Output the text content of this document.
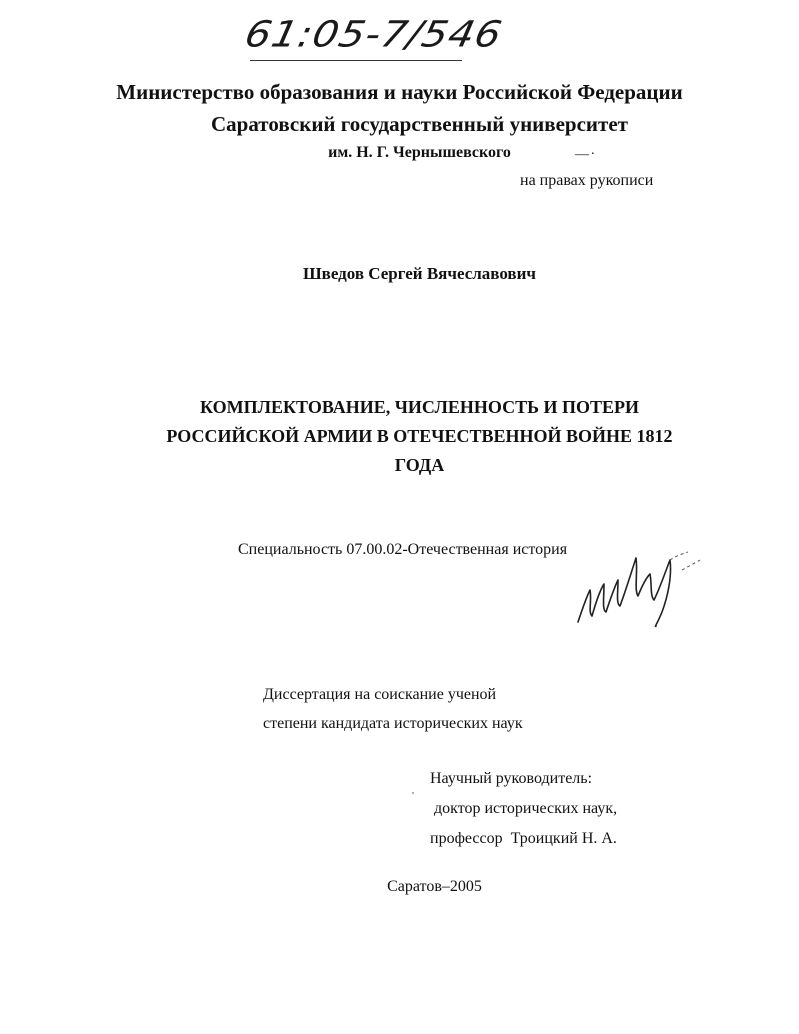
61:05-7/546
Министерство образования и науки Российской Федерации
Саратовский государственный университет
им. Н. Г. Чернышевского	— ·
на правах рукописи
Шведов Сергей Вячеславович
КОМПЛЕКТОВАНИЕ, ЧИСЛЕННОСТЬ И ПОТЕРИ
РОССИЙСКОЙ АРМИИ В ОТЕЧЕСТВЕННОЙ ВОЙНЕ 1812
ГОДА
Специальность 07.00.02-Отечественная история
Диссертация на соискание ученой
степени кандидата исторических наук
Научный руководитель:
доктор исторических наук,
профессор  Троицкий Н. А.
Саратов–2005
